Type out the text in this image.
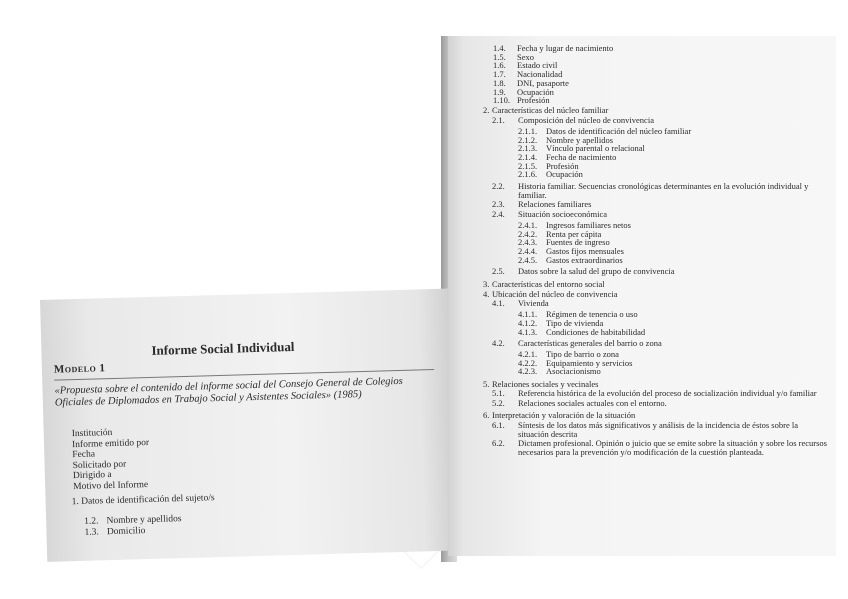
Informe Social Individual
Modelo 1
«Propuesta sobre el contenido del informe social del Consejo General de Colegios Oficiales de Diplomados en Trabajo Social y Asistentes Sociales» (1985)
Institución
Informe emitido por
Fecha
Solicitado por
Dirigido a
Motivo del Informe
1. Datos de identificación del sujeto/s
1.2. Nombre y apellidos
1.3. Domicilio
1.4.	Fecha y lugar de nacimiento
1.5.	Sexo
1.6.	Estado civil
1.7.	Nacionalidad
1.8.	DNI, pasaporte
1.9.	Ocupación
1.10. Profesión
2. Características del núcleo familiar
2.1.	Composición del núcleo de convivencia
2.1.1.	Datos de identificación del núcleo familiar
2.1.2.	Nombre y apellidos
2.1.3.	Vínculo parental o relacional
2.1.4.	Fecha de nacimiento
2.1.5.	Profesión
2.1.6.	Ocupación
2.2.	Historia familiar. Secuencias cronológicas determinantes en la evolución individual y familiar.
2.3.	Relaciones familiares
2.4.	Situación socioeconómica
2.4.1.	Ingresos familiares netos
2.4.2.	Renta per cápita
2.4.3.	Fuentes de ingreso
2.4.4.	Gastos fijos mensuales
2.4.5.	Gastos extraordinarios
2.5.	Datos sobre la salud del grupo de convivencia
3. Características del entorno social
4. Ubicación del núcleo de convivencia
4.1.	Vivienda
4.1.1.	Régimen de tenencia o uso
4.1.2.	Tipo de vivienda
4.1.3.	Condiciones de habitabilidad
4.2.	Características generales del barrio o zona
4.2.1.	Tipo de barrio o zona
4.2.2.	Equipamiento y servicios
4.2.3.	Asociacionismo
5. Relaciones sociales y vecinales
5.1.	Referencia histórica de la evolución del proceso de socialización individual y/o familiar
5.2.	Relaciones sociales actuales con el entorno.
6. Interpretación y valoración de la situación
6.1.	Síntesis de los datos más significativos y análisis de la incidencia de éstos sobre la situación descrita
6.2.	Dictamen profesional. Opinión o juicio que se emite sobre la situación y sobre los recursos necesarios para la prevención y/o modificación de la cuestión planteada.
